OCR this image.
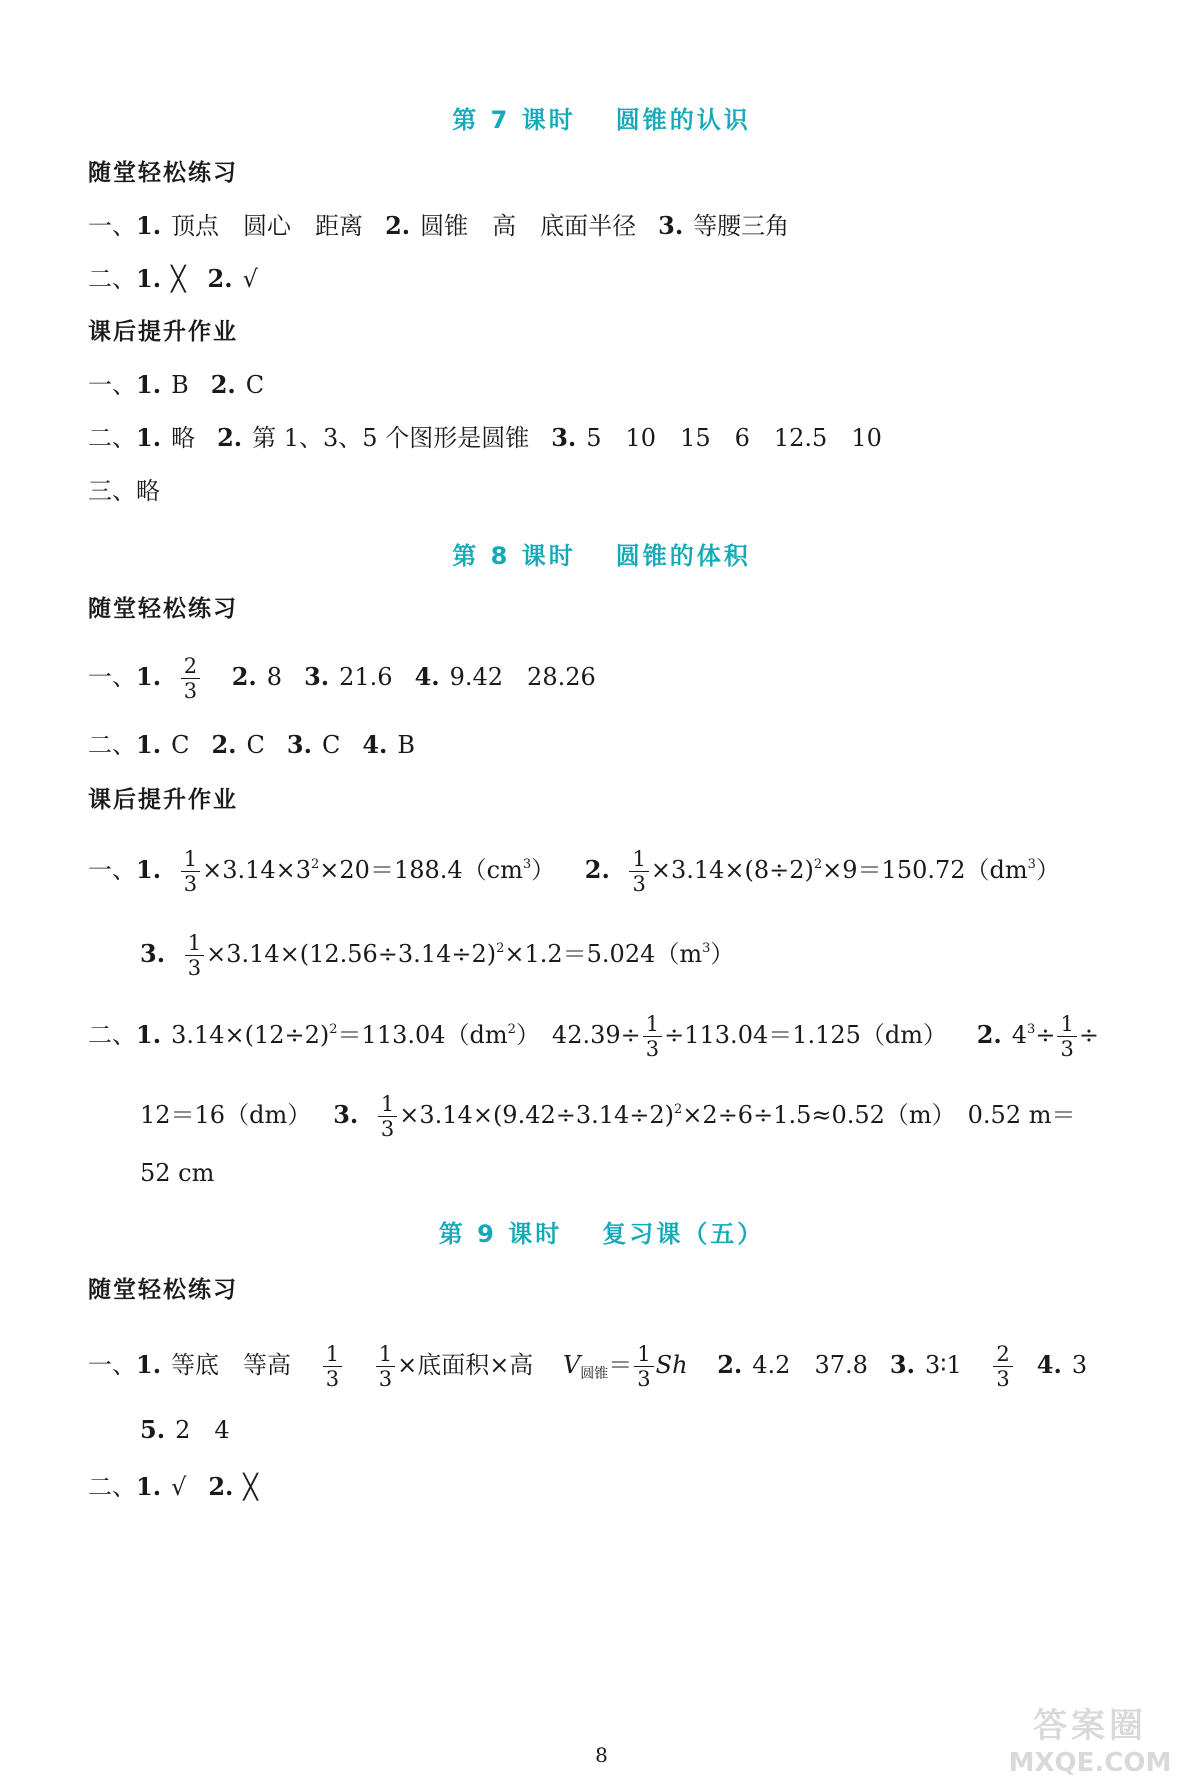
第 7 课时 圆锥的认识
随堂轻松练习
一、1. 顶点　圆心　距离 2. 圆锥　高　底面半径 3. 等腰三角
二、1. ╳ 2. √
课后提升作业
一、1. B 2. C
二、1. 略 2. 第 1、3、5 个图形是圆锥 3. 5　10　15　6　12.5　10
三、略
第 8 课时 圆锥的体积
随堂轻松练习
一、1. $\frac{2}{3} 2$. 8 3. 21.6 4. 9.42　28.26
二、1. C 2. C 3. C 4. B
课后提升作业
一、1. $\frac{1}{3} \times 3.14\times 3^2\times 20=188.4(cm^3)$ 2. $\frac{1}{3} \times 3.14\times(8\div 2)^2\times 9=150.72(dm^3)$
3. $\frac{1}{3} \times 3.14\times(12.56\div 3.14\div 2)^2\times 1.2=5.024(m^3)$
二、1. $3.14\times(12\div 2)^2=113.04(dm^2)$　$42.39\div \frac{1}{3} \div 113.04=1.125(dm)$ 2. $4^3\div \frac{1}{3}$ ÷
12＝16（dm） 3. $\frac{1}{3} \times 3.14\times(9.42\div 3.14\div 2)^2\times 2\div 6\div 1.5\approx 0.52(m)$　0.52 m＝
52 cm
第 9 课时 复习课（五）
随堂轻松练习
一、1. 等底　等高 $\frac{1}{3}$
$\frac{1}{3}$ ×底面积×高 $V_{圆锥}= \frac{1}{3}$ Sh 2. 4.2　37.8 3. 3∶1 $\frac{2}{3} 4$. 3
5. 2　4
二、1. √ 2. ╳
8
答案圈
MXQE.COM
